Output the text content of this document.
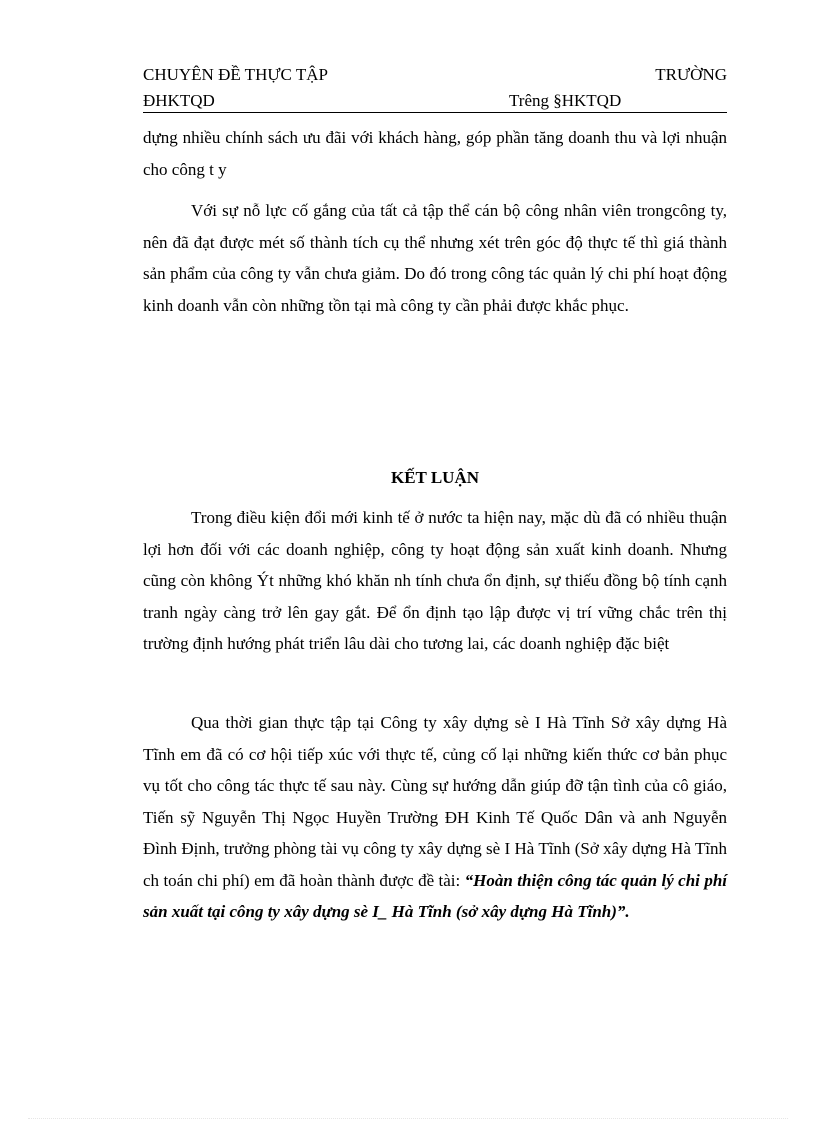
CHUYÊN ĐỀ THỰC TẬP	TRƯỜNG
ĐHKTQD	Trêng §HKTQD

dựng nhiều chính sách ưu đãi với khách hàng, góp phần tăng doanh thu và lợi nhuận cho công t y

Với sự nỗ lực cố gắng của tất cả tập thể cán bộ công nhân viên trongcông ty, nên đã đạt được mét số thành tích cụ thể nhưng xét trên góc độ thực tế thì giá thành sản phẩm của công ty vẫn chưa giảm. Do đó trong công tác quản lý chi phí hoạt động kinh doanh vẫn còn những tồn tại mà công ty cần phải được khắc phục.

KẾT LUẬN

Trong điều kiện đổi mới kinh tế ở nước ta hiện nay, mặc dù đã có nhiều thuận lợi hơn đối với các doanh nghiệp, công ty hoạt động sản xuất kinh doanh. Nhưng cũng còn không Ýt những khó khăn nh tính chưa ổn định, sự thiếu đồng bộ tính cạnh tranh ngày càng trở lên gay gắt. Để ổn định tạo lập được vị trí vững chắc trên thị trường định hướng phát triển lâu dài cho tương lai, các doanh nghiệp đặc biệt

Qua thời gian thực tập tại Công ty xây dựng sè I Hà Tĩnh Sở xây dựng Hà Tĩnh em đã có cơ hội tiếp xúc với thực tế, củng cố lại những kiến thức cơ bản phục vụ tốt cho công tác thực tế sau này. Cùng sự hướng dẫn giúp đỡ tận tình của cô giáo, Tiến sỹ Nguyễn Thị Ngọc Huyền Trường ĐH Kinh Tế Quốc Dân và anh Nguyễn Đình Định, trưởng phòng tài vụ công ty xây dựng sè I Hà Tĩnh (Sở xây dựng Hà Tĩnh ch toán chi phí) em đã hoàn thành được đề tài: “Hoàn thiện công tác quản lý chi phí sản xuất tại công ty xây dựng sè I_ Hà Tĩnh (sở xây dựng Hà Tĩnh)”.
